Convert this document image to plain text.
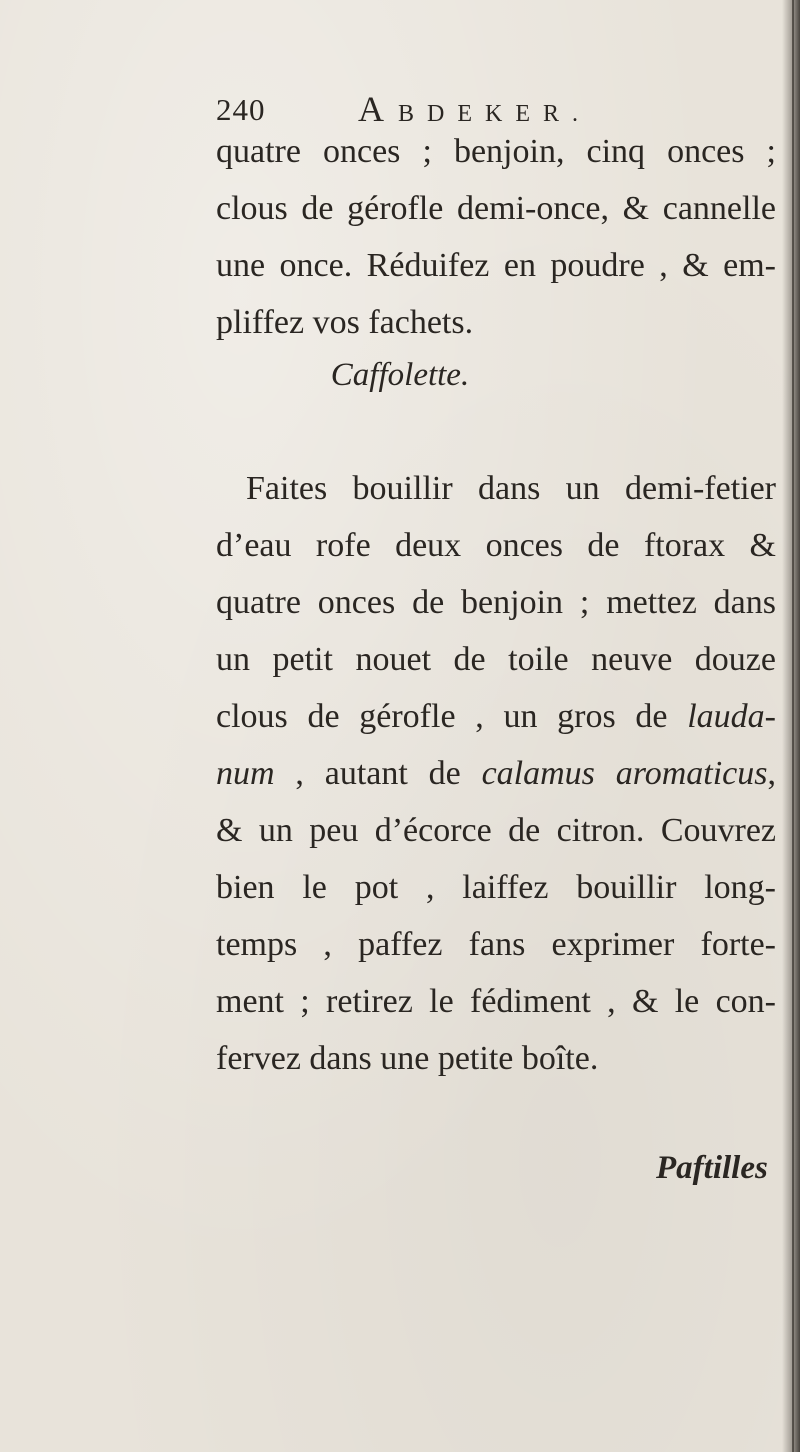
240	ABDEKER.
quatre onces ; benjoin, cinq onces ;
clous de gérofle demi-once, & cannelle
une once. Réduifez en poudre , & em-
pliffez vos fachets.
Caffolette.
Faites bouillir dans un demi-fetier
d’eau rofe deux onces de ftorax &
quatre onces de benjoin ; mettez dans
un petit nouet de toile neuve douze
clous de gérofle , un gros de lauda-
num , autant de calamus aromaticus,
& un peu d’écorce de citron. Couvrez
bien le pot , laiffez bouillir long-
temps , paffez fans exprimer forte-
ment ; retirez le fédiment , & le con-
fervez dans une petite boîte.
Paftilles
